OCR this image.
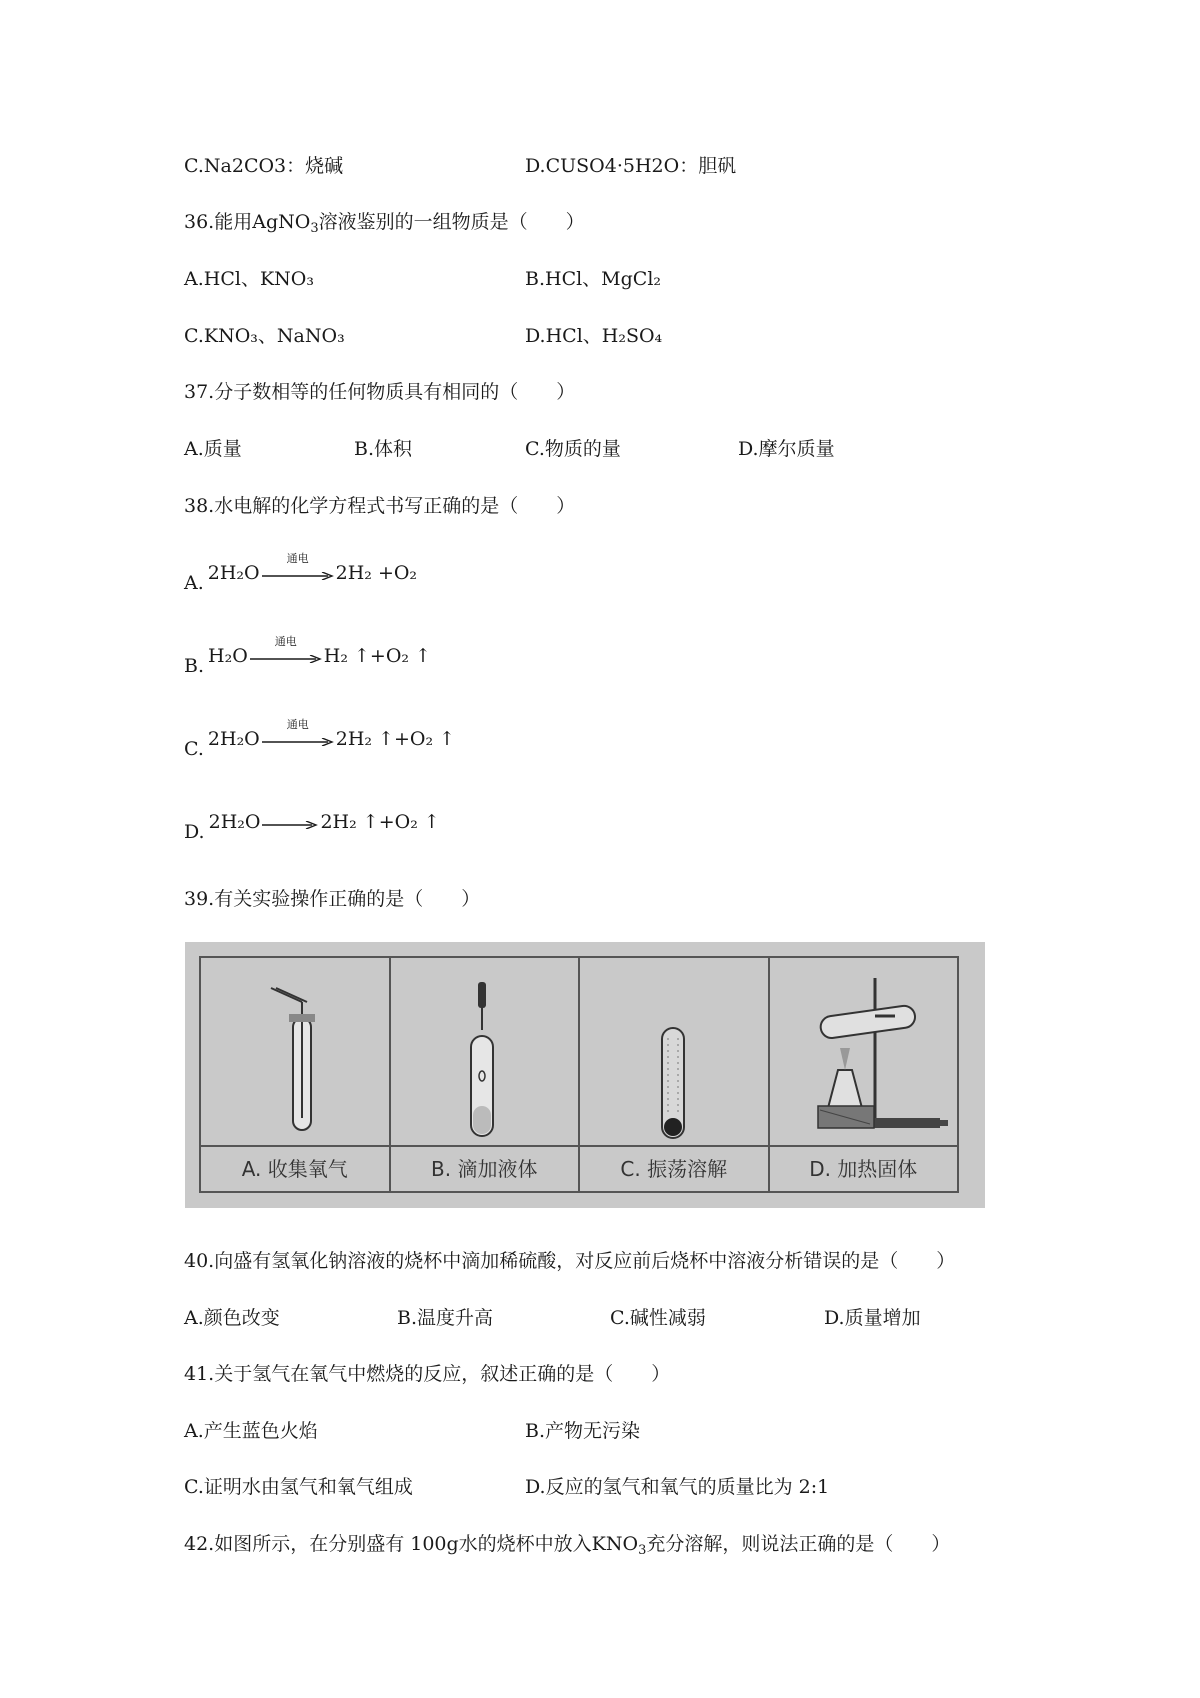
C.Na2CO3：烧碱	D.CUSO4·5H2O：胆矾
36.能用AgNO$_3$溶液鉴别的一组物质是（　　）
A.HCl、KNO₃	B.HCl、MgCl₂
C.KNO₃、NaNO₃	D.HCl、H₂SO₄
37.分子数相等的任何物质具有相同的（　　）
A.质量	B.体积	C.物质的量	D.摩尔质量
38.水电解的化学方程式书写正确的是（　　）
A. 2H₂O
通电
2H₂ +O₂
B. H₂O
通电
H₂ ↑+O₂ ↑
C. 2H₂O
通电
2H₂ ↑+O₂ ↑
D. 2H₂O → 2H₂ ↑+O₂ ↑
39.有关实验操作正确的是（　　）
A. 收集氧气	B. 滴加液体	C. 振荡溶解	D. 加热固体
40.向盛有氢氧化钠溶液的烧杯中滴加稀硫酸，对反应前后烧杯中溶液分析错误的是（　　）
A.颜色改变	B.温度升高	C.碱性减弱	D.质量增加
41.关于氢气在氧气中燃烧的反应，叙述正确的是（　　）
A.产生蓝色火焰	B.产物无污染
C.证明水由氢气和氧气组成	D.反应的氢气和氧气的质量比为 2:1
42.如图所示，在分别盛有 100g水的烧杯中放入$KNO_3$充分溶解，则说法正确的是（　　）
